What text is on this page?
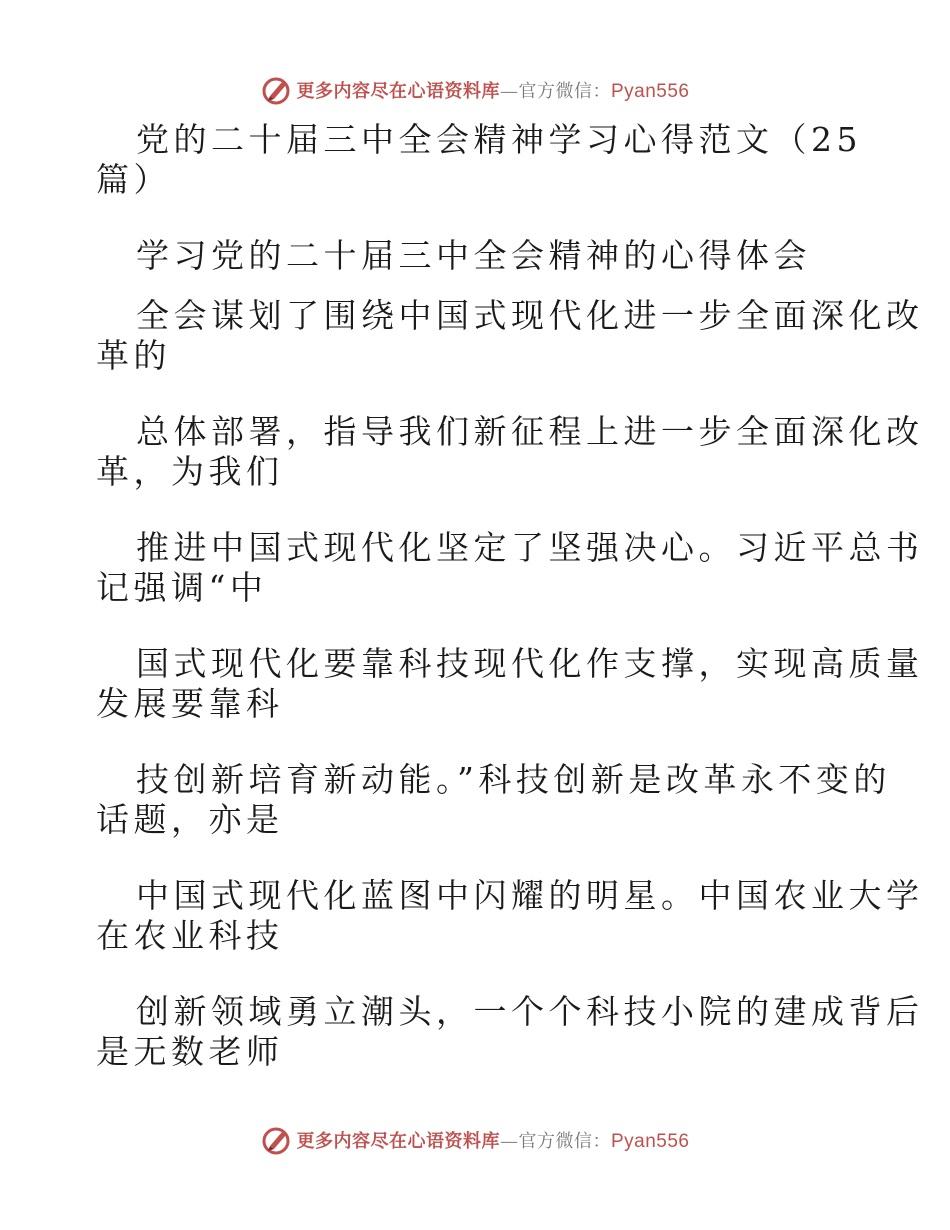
更多内容尽在心语资料库—官方微信：Pyan556
党的二十届三中全会精神学习心得范文（25
篇）
学习党的二十届三中全会精神的心得体会
全会谋划了围绕中国式现代化进一步全面深化改
革的
总体部署，指导我们新征程上进一步全面深化改
革，为我们
推进中国式现代化坚定了坚强决心。习近平总书
记强调“中
国式现代化要靠科技现代化作支撑，实现高质量
发展要靠科
技创新培育新动能。”科技创新是改革永不变的
话题，亦是
中国式现代化蓝图中闪耀的明星。中国农业大学
在农业科技
创新领域勇立潮头，一个个科技小院的建成背后
是无数老师
更多内容尽在心语资料库—官方微信：Pyan556
